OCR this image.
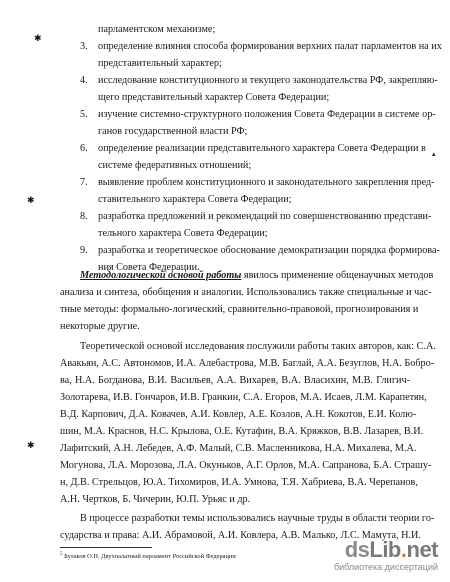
парламентском механизме;
3. определение влияния способа формирования верхних палат парламентов на их
представительный характер;
4. исследование конституционного и текущего законодательства РФ, закрепляю-
щего представительный характер Совета Федерации;
5. изучение системно-структурного положения Совета Федерации в системе ор-
ганов государственной власти РФ;
6. определение реализации представительного характера Совета Федерации в
системе федеративных отношений;
7. выявление проблем конституционного и законодательного закрепления пред-
ставительного характера Совета Федерации;
8. разработка предложений и рекомендаций по совершенствованию представи-
тельного характера Совета Федерации;
9. разработка и теоретическое обоснование демократизации порядка формирова-
ния Совета Федерации.
Методологической основой работы явилось применение общенаучных методов
анализа и синтеза, обобщения и аналогии. Использовались также специальные и час-
тные методы: формально-логический, сравнительно-правовой, прогнозирования и
некоторые другие.
Теоретической основой исследования послужили работы таких авторов, как: С.А.
Авакьян, А.С. Автономов, И.А. Алебастрова, М.В. Баглай, А.А. Безуглов, Н.А. Бобро-
ва, Н.А. Богданова, В.И. Васильев, А.А. Вихарев, В.А. Власихин, М.В. Глигич-
Золотарева, И.В. Гончаров, И.В. Гранкин, С.А. Егоров, М.А. Исаев, Л.М. Карапетян,
В.Д. Карпович, Д.А. Ковачев, А.И. Ковлер, А.Е. Козлов, А.Н. Кокотов, Е.И. Колю-
шин, М.А. Краснов, Н.С. Крылова, О.Е. Кутафин, В.А. Кряжков, В.В. Лазарев, В.И.
Лафитский, А.Н. Лебедев, А.Ф. Малый, С.В. Масленникова, Н.А. Михалева, М.А.
Могунова, Л.А. Морозова, Л.А. Окуньков, А.Г. Орлов, М.А. Сапранова, Б.А. Страшу-
н, Д.В. Стрельцов, Ю.А. Тихомиров, И.А. Умнова, Т.Я. Хабриева, В.А. Черепанов,
А.Н. Чертков, Б. Чичерин, Ю.П. Урьяс и др.
В процессе разработки темы использовались научные труды в области теории го-
сударства и права: А.И. Абрамовой, А.И. Ковлера, А.В. Малько, Л.С. Мамута, Н.И.
$^5$ Булаков О.Н. Двухпалатный парламент Российской Федерации
✱
✱
✱
▴
dsLib.net
библиотека диссертаций
